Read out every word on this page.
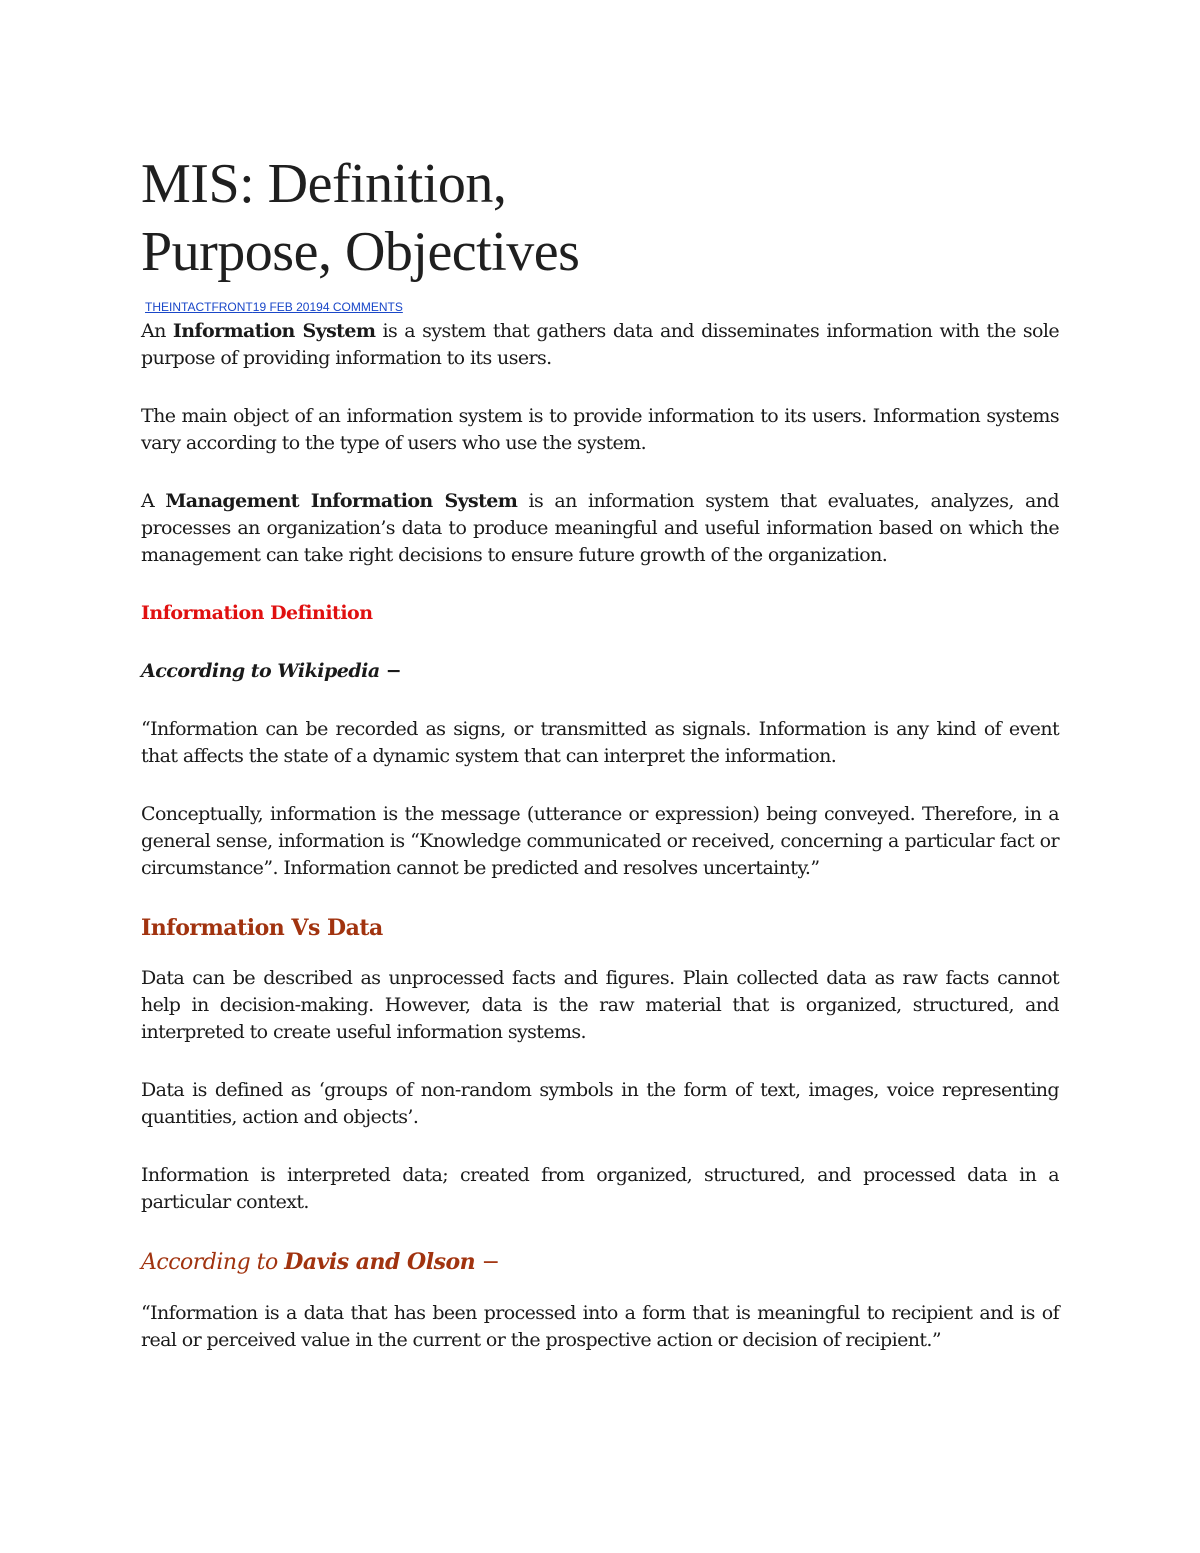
MIS: Definition,
Purpose, Objectives
THEINTACTFRONT19 FEB 20194 COMMENTS

An Information System is a system that gathers data and disseminates information with the sole purpose of providing information to its users.

The main object of an information system is to provide information to its users. Information systems vary according to the type of users who use the system.

A Management Information System is an information system that evaluates, analyzes, and processes an organization’s data to produce meaningful and useful information based on which the management can take right decisions to ensure future growth of the organization.

Information Definition
According to Wikipedia −

“Information can be recorded as signs, or transmitted as signals. Information is any kind of event that affects the state of a dynamic system that can interpret the information.

Conceptually, information is the message (utterance or expression) being conveyed. Therefore, in a general sense, information is “Knowledge communicated or received, concerning a particular fact or circumstance”. Information cannot be predicted and resolves uncertainty.”

Information Vs Data

Data can be described as unprocessed facts and figures. Plain collected data as raw facts cannot help in decision-making. However, data is the raw material that is organized, structured, and interpreted to create useful information systems.

Data is defined as ‘groups of non-random symbols in the form of text, images, voice representing quantities, action and objects’.

Information is interpreted data; created from organized, structured, and processed data in a particular context.

According to Davis and Olson −

“Information is a data that has been processed into a form that is meaningful to recipient and is of real or perceived value in the current or the prospective action or decision of recipient.”
